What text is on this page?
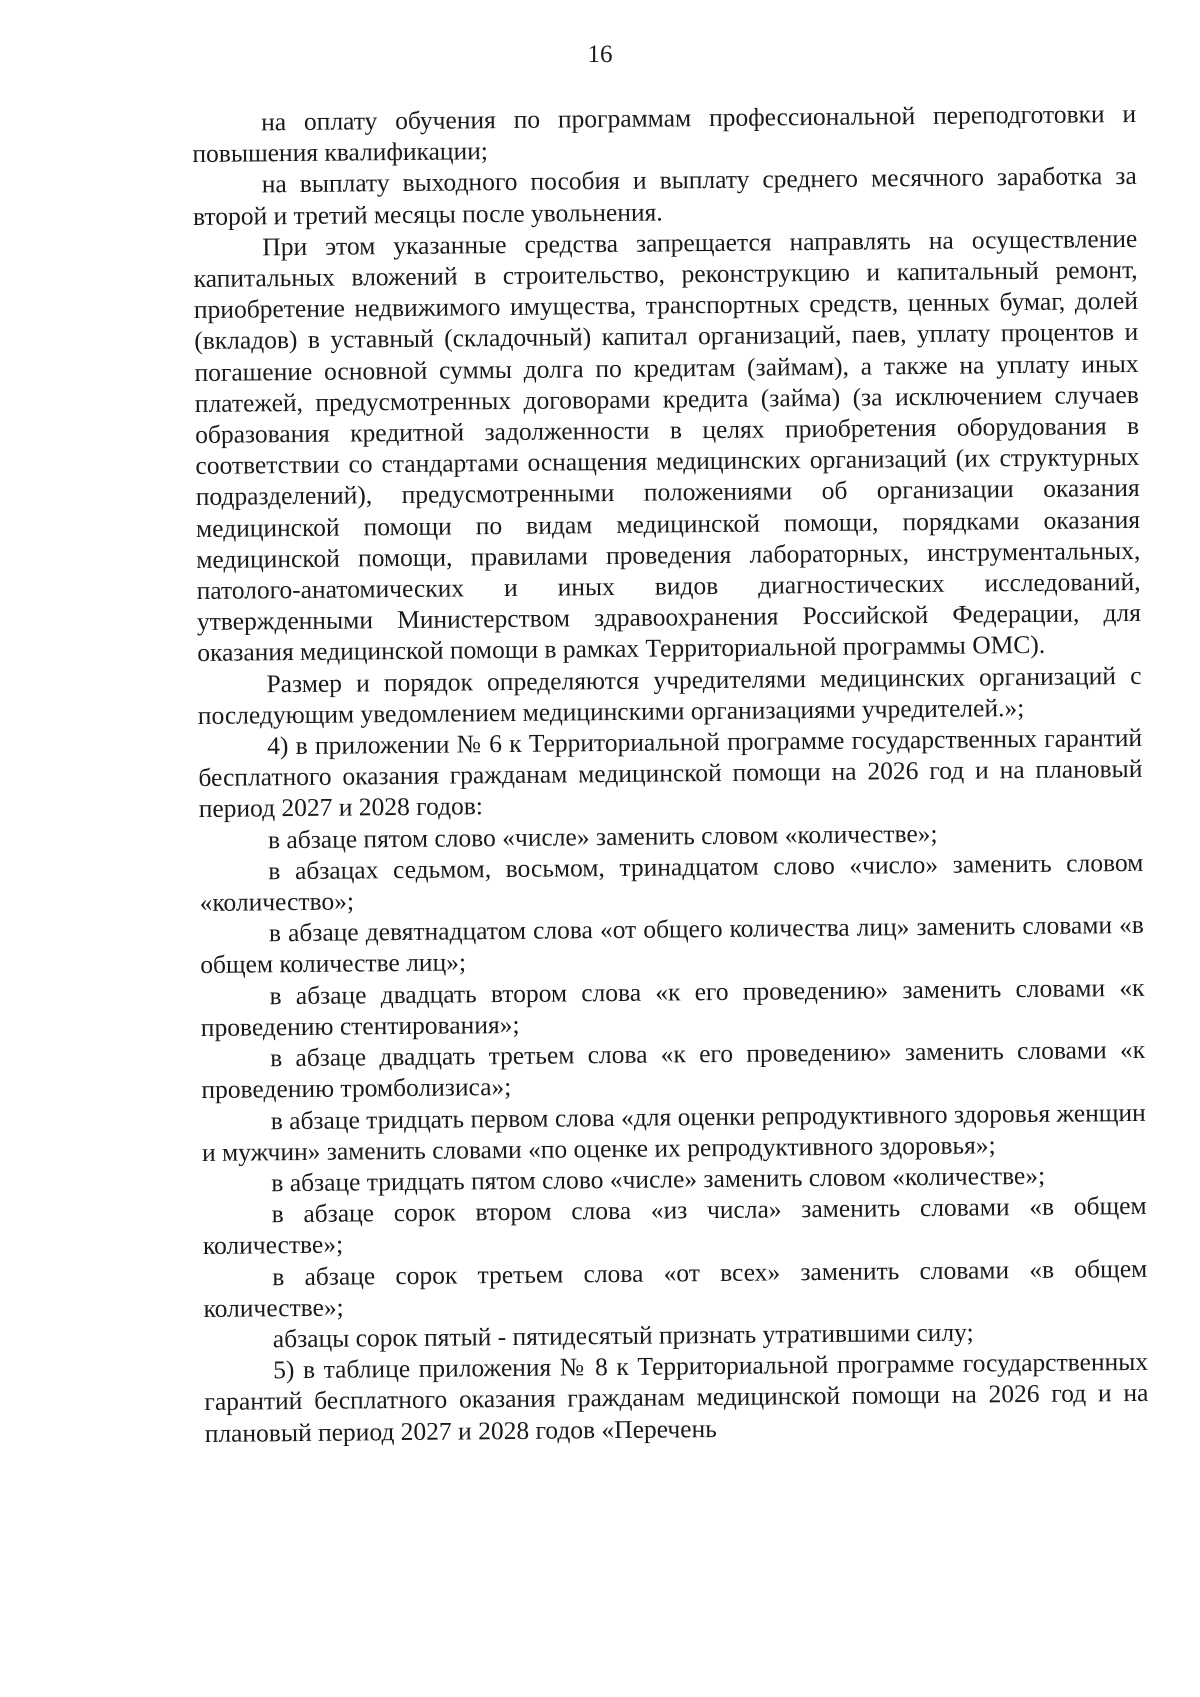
16

на оплату обучения по программам профессиональной переподготовки и повышения квалификации;

на выплату выходного пособия и выплату среднего месячного заработка за второй и третий месяцы после увольнения.

При этом указанные средства запрещается направлять на осуществление капитальных вложений в строительство, реконструкцию и капитальный ремонт, приобретение недвижимого имущества, транспортных средств, ценных бумаг, долей (вкладов) в уставный (складочный) капитал организаций, паев, уплату процентов и погашение основной суммы долга по кредитам (займам), а также на уплату иных платежей, предусмотренных договорами кредита (займа) (за исключением случаев образования кредитной задолженности в целях приобретения оборудования в соответствии со стандартами оснащения медицинских организаций (их структурных подразделений), предусмотренными положениями об организации оказания медицинской помощи по видам медицинской помощи, порядками оказания медицинской помощи, правилами проведения лабораторных, инструментальных, патолого-анатомических и иных видов диагностических исследований, утвержденными Министерством здравоохранения Российской Федерации, для оказания медицинской помощи в рамках Территориальной программы ОМС).

Размер и порядок определяются учредителями медицинских организаций с последующим уведомлением медицинскими организациями учредителей.»;

4) в приложении № 6 к Территориальной программе государственных гарантий бесплатного оказания гражданам медицинской помощи на 2026 год и на плановый период 2027 и 2028 годов:

в абзаце пятом слово «числе» заменить словом «количестве»;

в абзацах седьмом, восьмом, тринадцатом слово «число» заменить словом «количество»;

в абзаце девятнадцатом слова «от общего количества лиц» заменить словами «в общем количестве лиц»;

в абзаце двадцать втором слова «к его проведению» заменить словами «к проведению стентирования»;

в абзаце двадцать третьем слова «к его проведению» заменить словами «к проведению тромболизиса»;

в абзаце тридцать первом слова «для оценки репродуктивного здоровья женщин и мужчин» заменить словами «по оценке их репродуктивного здоровья»;

в абзаце тридцать пятом слово «числе» заменить словом «количестве»;

в абзаце сорок втором слова «из числа» заменить словами «в общем количестве»;

в абзаце сорок третьем слова «от всех» заменить словами «в общем количестве»;

абзацы сорок пятый - пятидесятый признать утратившими силу;

5) в таблице приложения № 8 к Территориальной программе государственных гарантий бесплатного оказания гражданам медицинской помощи на 2026 год и на плановый период 2027 и 2028 годов «Перечень
